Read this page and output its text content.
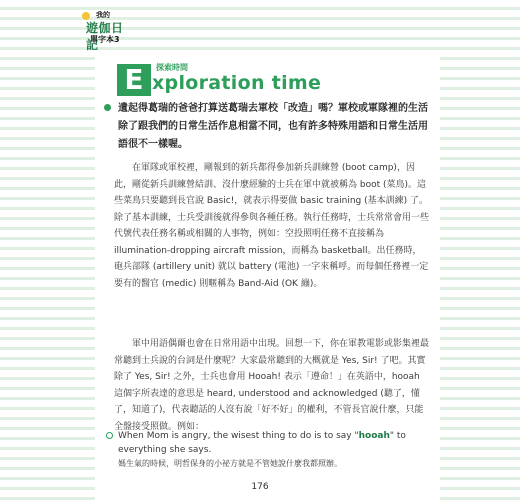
我的
遊伽日記
單字本3
E	探索時間
xploration time

遺起得葛瑞的爸爸打算送葛瑞去軍校「改造」嗎？軍校或軍隊裡的生活除了跟我們的日常生活作息相當不同，也有許多特殊用語和日常生活用語很不一樣喔。

在軍隊或軍校裡，剛報到的新兵都得參加新兵訓練營 (boot camp)，因此，剛從新兵訓練營結訓、沒什麼經驗的士兵在軍中就被稱為 boot (菜鳥)。這些菜鳥只要聽到長官說 Basic!，就表示得要做 basic training (基本訓練) 了。除了基本訓練，士兵受訓後就得參與各種任務。執行任務時，士兵常常會用一些代號代表任務名稱或相關的人事物，例如：空投照明任務不直接稱為 illumination-dropping aircraft mission，而稱為 basketball。出任務時，砲兵部隊 (artillery unit) 就以 battery (電池) 一字來稱呼。而每個任務裡一定要有的醫官 (medic) 則暱稱為 Band-Aid (OK 繃)。

軍中用語偶爾也會在日常用語中出現。回想一下，你在軍教電影或影集裡最常聽到士兵說的台詞是什麼呢？大家最常聽到的大概就是 Yes, Sir! 了吧。其實除了 Yes, Sir! 之外，士兵也會用 Hooah! 表示「遵命！」在英語中，hooah 這個字所表達的意思是 heard, understood and acknowledged (聽了，懂了，知道了)，代表聽話的人沒有說「好不好」的權利，不管長官說什麼，只能全盤接受照做。例如：

When Mom is angry, the wisest thing to do is to say "hooah" to everything she says.

媽生氣的時候，明哲保身的小祕方就是不管她說什麼我都照辦。

176
